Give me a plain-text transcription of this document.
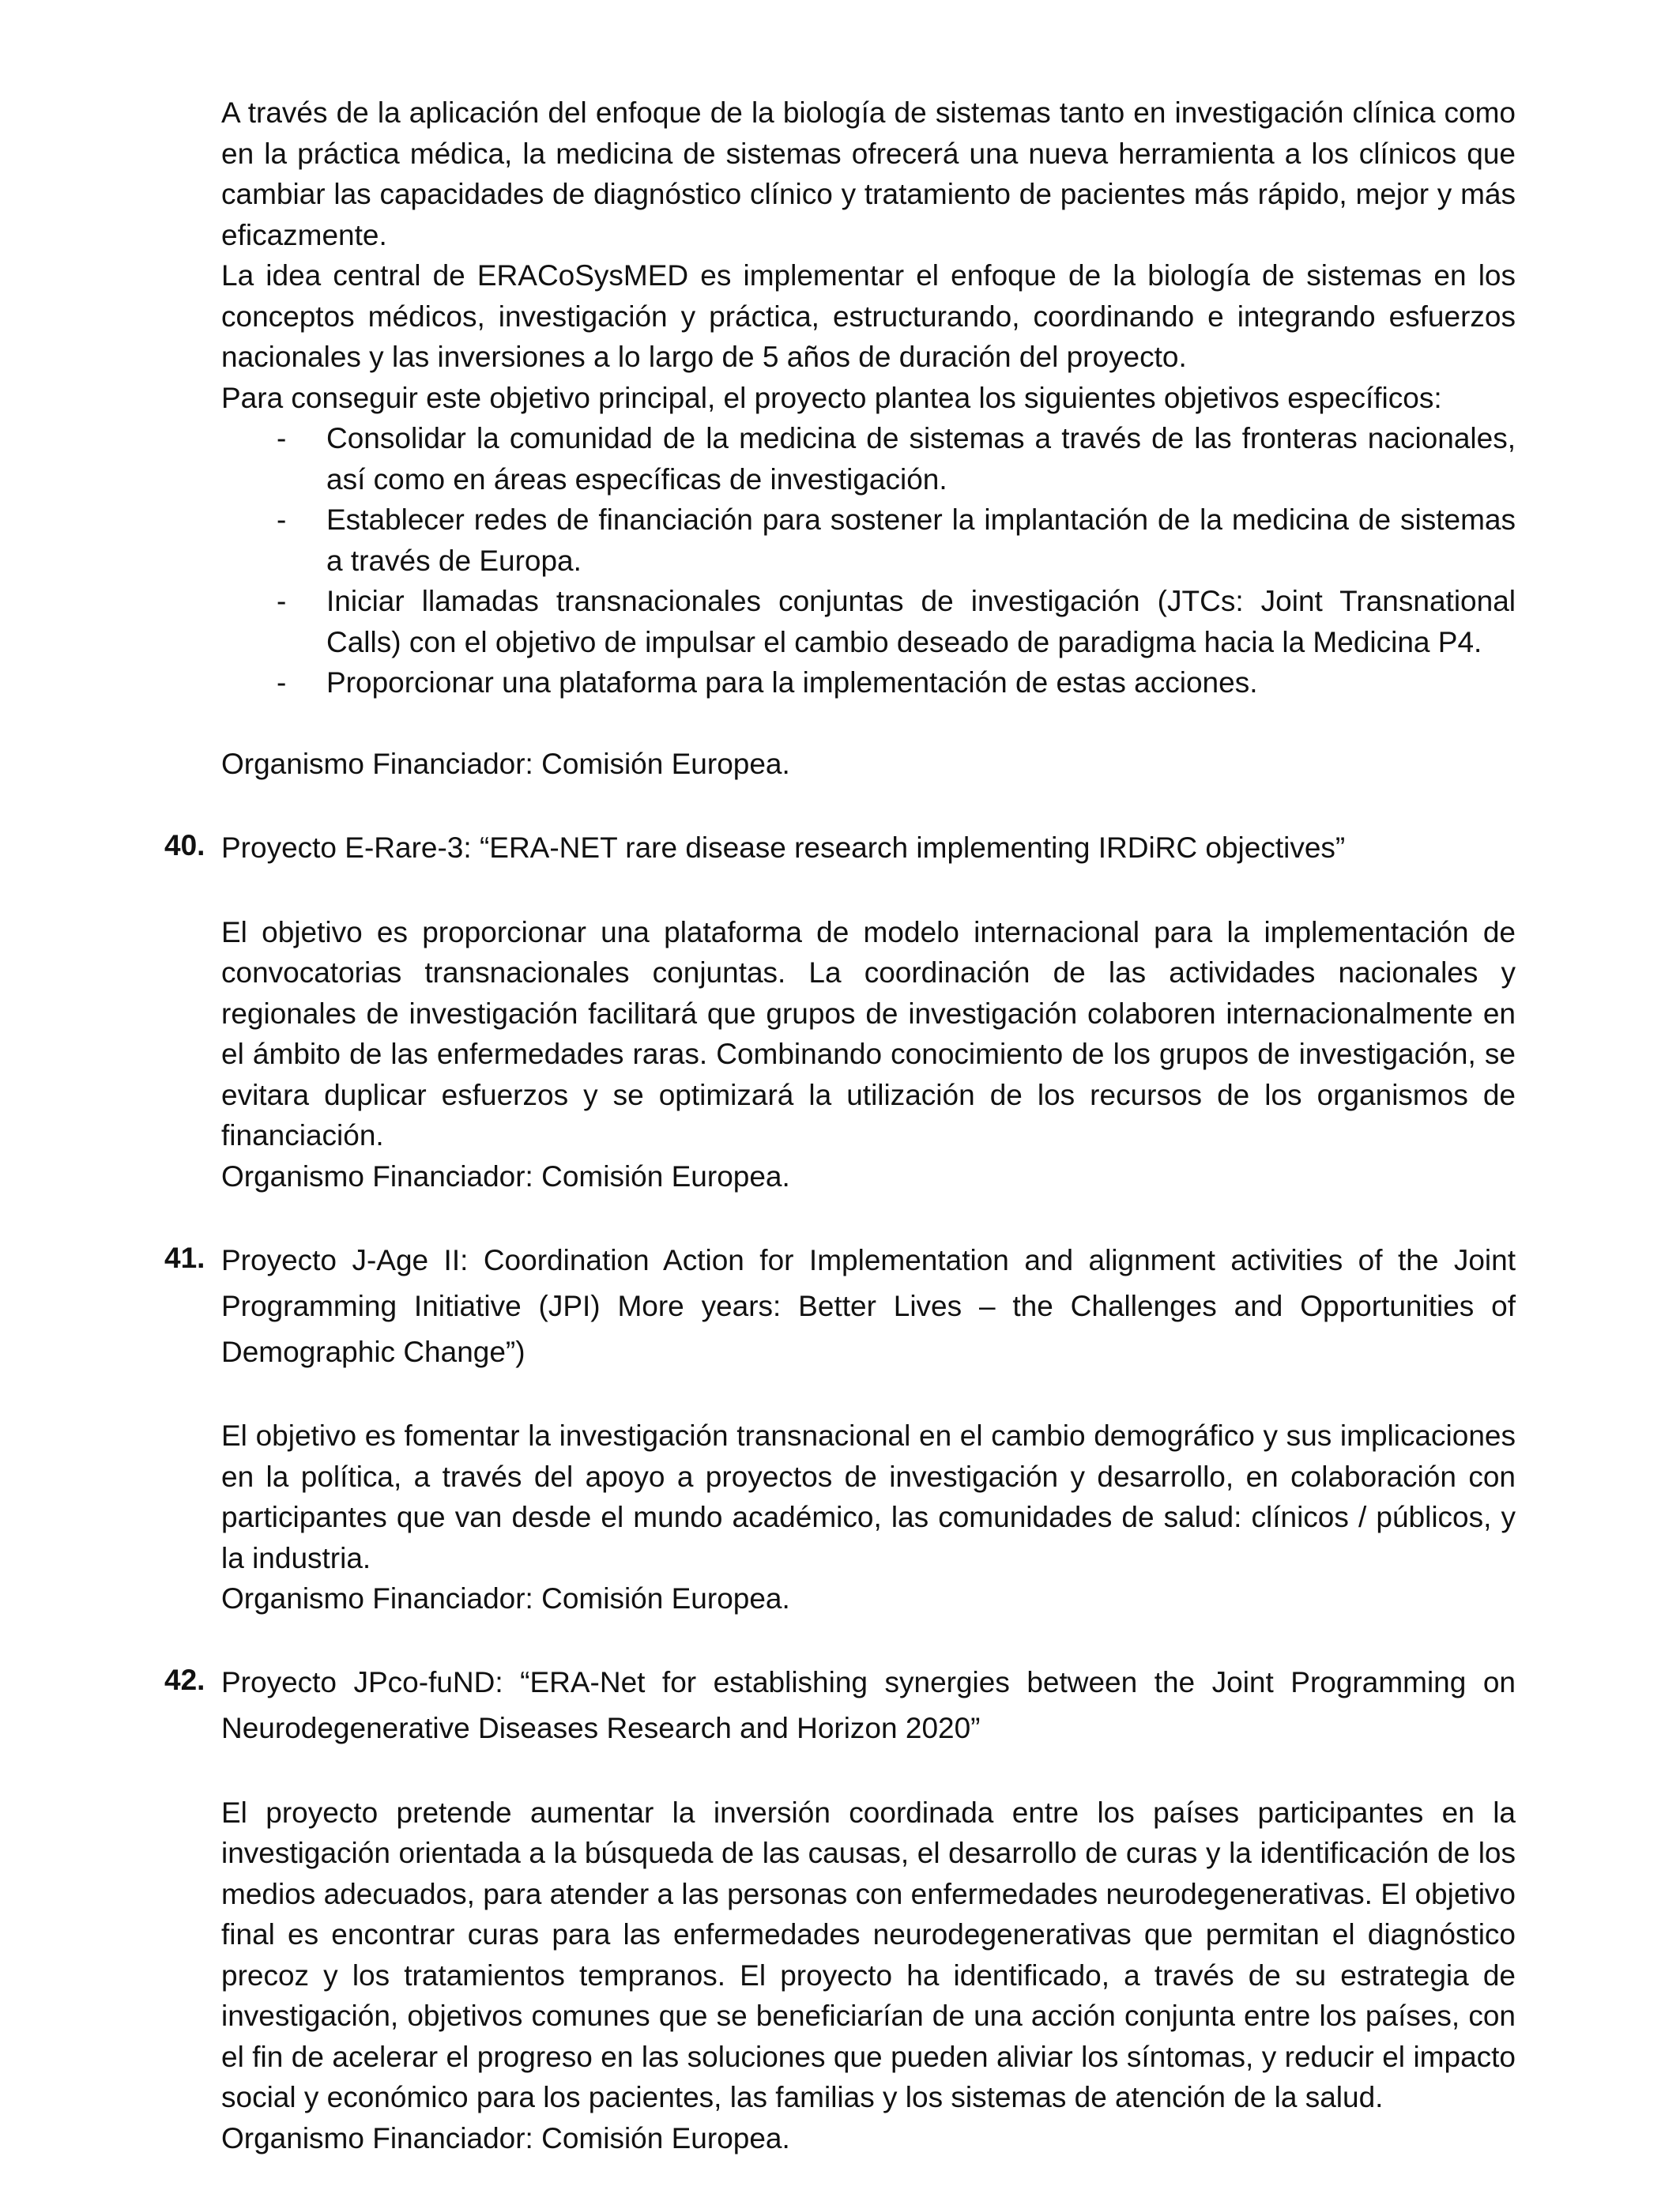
A través de la aplicación del enfoque de la biología de sistemas tanto en investigación clínica como en la práctica médica, la medicina de sistemas ofrecerá una nueva herramienta a los clínicos que cambiar las capacidades de diagnóstico clínico y tratamiento de pacientes más rápido, mejor y más eficazmente.

La idea central de ERACoSysMED es implementar el enfoque de la biología de sistemas en los conceptos médicos, investigación y práctica, estructurando, coordinando e integrando esfuerzos nacionales y las inversiones a lo largo de 5 años de duración del proyecto.

Para conseguir este objetivo principal, el proyecto plantea los siguientes objetivos específicos:

- Consolidar la comunidad de la medicina de sistemas a través de las fronteras nacionales, así como en áreas específicas de investigación.
- Establecer redes de financiación para sostener la implantación de la medicina de sistemas a través de Europa.
- Iniciar llamadas transnacionales conjuntas de investigación (JTCs: Joint Transnational Calls) con el objetivo de impulsar el cambio deseado de paradigma hacia la Medicina P4.
- Proporcionar una plataforma para la implementación de estas acciones.

Organismo Financiador: Comisión Europea.

40. Proyecto E-Rare-3: “ERA-NET rare disease research implementing IRDiRC objectives”

El objetivo es proporcionar una plataforma de modelo internacional para la implementación de convocatorias transnacionales conjuntas. La coordinación de las actividades nacionales y regionales de investigación facilitará que grupos de investigación colaboren internacionalmente en el ámbito de las enfermedades raras. Combinando conocimiento de los grupos de investigación, se evitara duplicar esfuerzos y se optimizará la utilización de los recursos de los organismos de financiación.

Organismo Financiador: Comisión Europea.

41. Proyecto J-Age II: Coordination Action for Implementation and alignment activities of the Joint Programming Initiative (JPI) More years: Better Lives – the Challenges and Opportunities of Demographic Change”)

El objetivo es fomentar la investigación transnacional en el cambio demográfico y sus implicaciones en la política, a través del apoyo a proyectos de investigación y desarrollo, en colaboración con participantes que van desde el mundo académico, las comunidades de salud: clínicos / públicos, y la industria.

Organismo Financiador: Comisión Europea.

42. Proyecto JPco-fuND: “ERA-Net for establishing synergies between the Joint Programming on Neurodegenerative Diseases Research and Horizon 2020”

El proyecto pretende aumentar la inversión coordinada entre los países participantes en la investigación orientada a la búsqueda de las causas, el desarrollo de curas y la identificación de los medios adecuados, para atender a las personas con enfermedades neurodegenerativas. El objetivo final es encontrar curas para las enfermedades neurodegenerativas que permitan el diagnóstico precoz y los tratamientos tempranos. El proyecto ha identificado, a través de su estrategia de investigación, objetivos comunes que se beneficiarían de una acción conjunta entre los países, con el fin de acelerar el progreso en las soluciones que pueden aliviar los síntomas, y reducir el impacto social y económico para los pacientes, las familias y los sistemas de atención de la salud.

Organismo Financiador: Comisión Europea.
